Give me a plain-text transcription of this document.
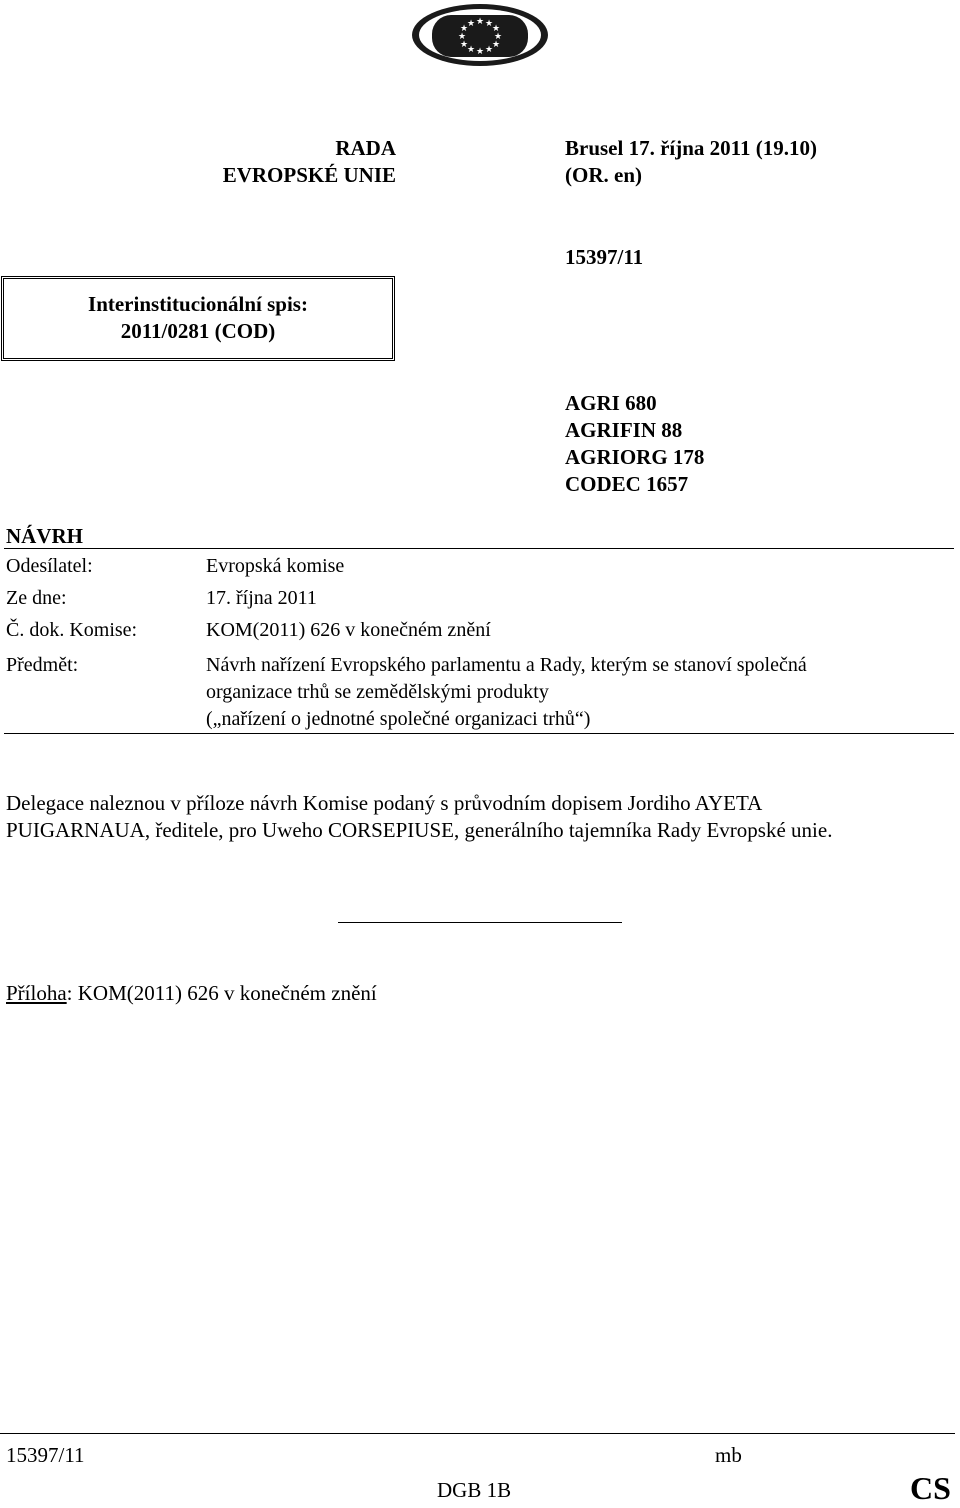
★ ★
★
★
★
★
★
★
★
★
★
★
RADA
EVROPSKÉ UNIE
Brusel 17. října 2011 (19.10)
(OR. en)
15397/11
Interinstitucionální spis:
2011/0281 (COD)
AGRI 680
AGRIFIN 88
AGRIORG 178
CODEC 1657
NÁVRH
Odesílatel:	Evropská komise
Ze dne:	17. října 2011
Č. dok. Komise:	KOM(2011) 626 v konečném znění
Předmět:	Návrh nařízení Evropského parlamentu a Rady, kterým se stanoví společná
organizace trhů se zemědělskými produkty
(„nařízení o jednotné společné organizaci trhů“)
Delegace naleznou v příloze návrh Komise podaný s průvodním dopisem Jordiho AYETA
PUIGARNAUA, ředitele, pro Uweho CORSEPIUSE, generálního tajemníka Rady Evropské unie.
Příloha: KOM(2011) 626 v konečném znění
15397/11	mb
DGB 1B	CS
